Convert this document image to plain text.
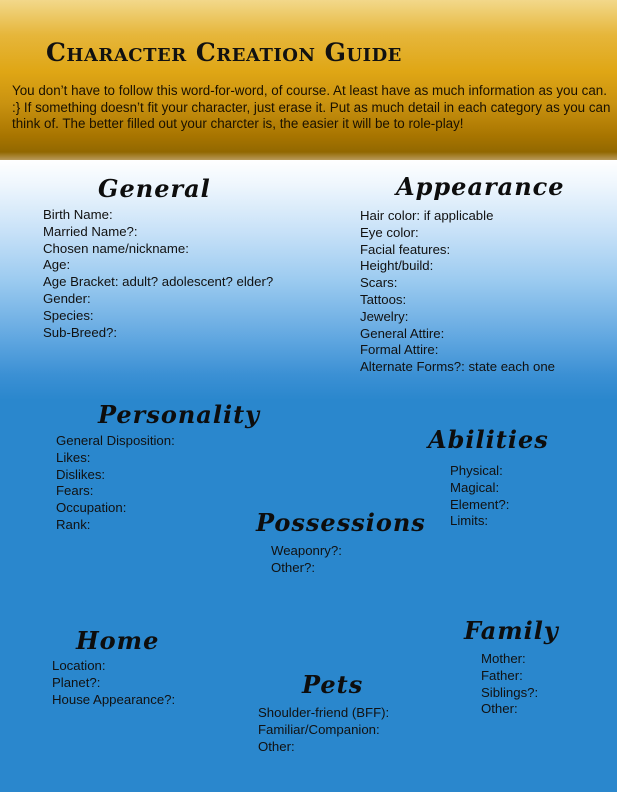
Character Creation Guide

You don’t have to follow this word-for-word, of course. At least have as much information as you can. :} If something doesn’t fit your character, just erase it. Put as much detail in each category as you can think of. The better filled out your charcter is, the easier it will be to role-play!

General
Birth Name:
Married Name?:
Chosen name/nickname:
Age:
Age Bracket: adult? adolescent? elder?
Gender:
Species:
Sub-Breed?:
Appearance
Hair color: if applicable
Eye color:
Facial features:
Height/build:
Scars:
Tattoos:
Jewelry:
General Attire:
Formal Attire:
Alternate Forms?: state each one
Personality
General Disposition:
Likes:
Dislikes:
Fears:
Occupation:
Rank:
Abilities
Physical:
Magical:
Element?:
Limits:
Possessions
Weaponry?:
Other?:
Home
Location:
Planet?:
House Appearance?:
Family
Mother:
Father:
Siblings?:
Other:
Pets
Shoulder-friend (BFF):
Familiar/Companion:
Other:
